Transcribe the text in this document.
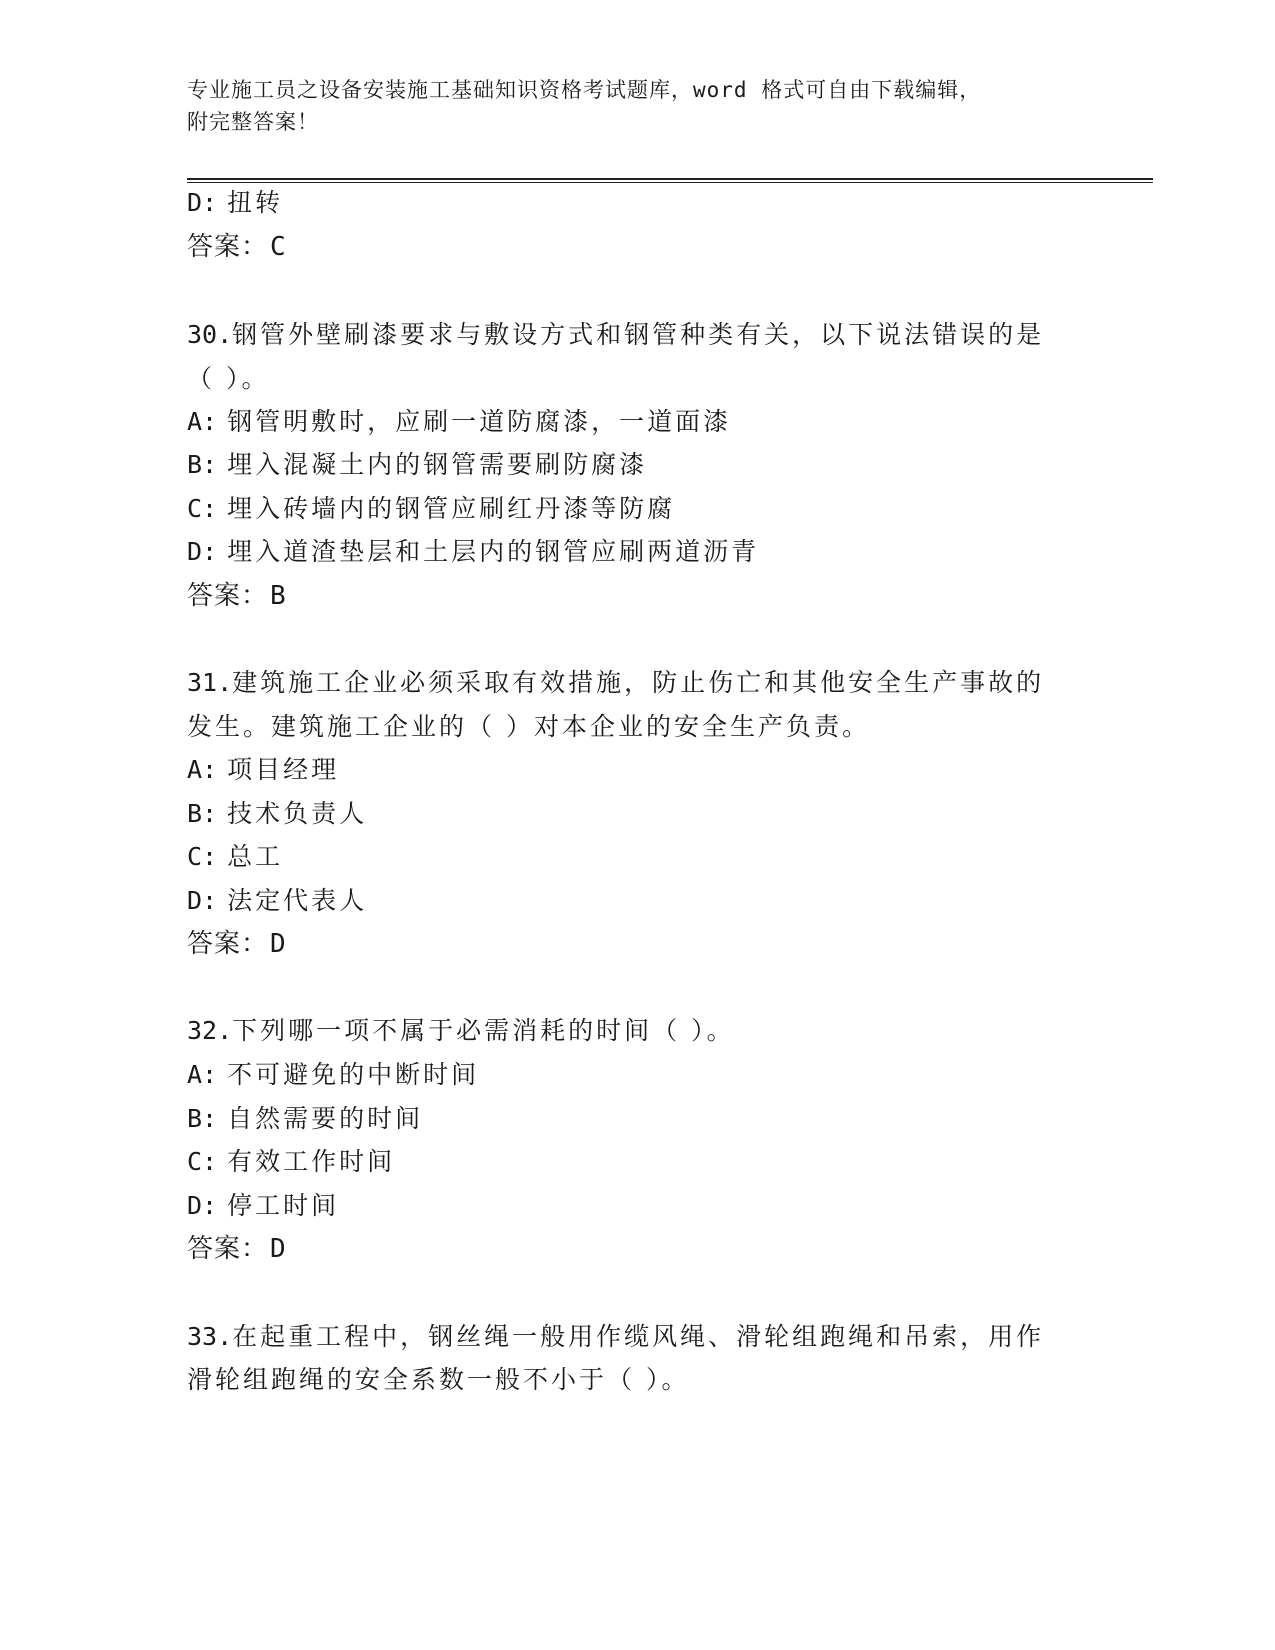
专业施工员之设备安装施工基础知识资格考试题库，word 格式可自由下载编辑，
附完整答案！
D: 扭转
答案：C
30.钢管外壁刷漆要求与敷设方式和钢管种类有关，以下说法错误的是
（ ）。
A: 钢管明敷时，应刷一道防腐漆，一道面漆
B: 埋入混凝土内的钢管需要刷防腐漆
C: 埋入砖墙内的钢管应刷红丹漆等防腐
D: 埋入道渣垫层和土层内的钢管应刷两道沥青
答案：B
31.建筑施工企业必须采取有效措施，防止伤亡和其他安全生产事故的
发生。建筑施工企业的（ ）对本企业的安全生产负责。
A: 项目经理
B: 技术负责人
C: 总工
D: 法定代表人
答案：D
32.下列哪一项不属于必需消耗的时间（ ）。
A: 不可避免的中断时间
B: 自然需要的时间
C: 有效工作时间
D: 停工时间
答案：D
33.在起重工程中，钢丝绳一般用作缆风绳、滑轮组跑绳和吊索，用作
滑轮组跑绳的安全系数一般不小于（ ）。
